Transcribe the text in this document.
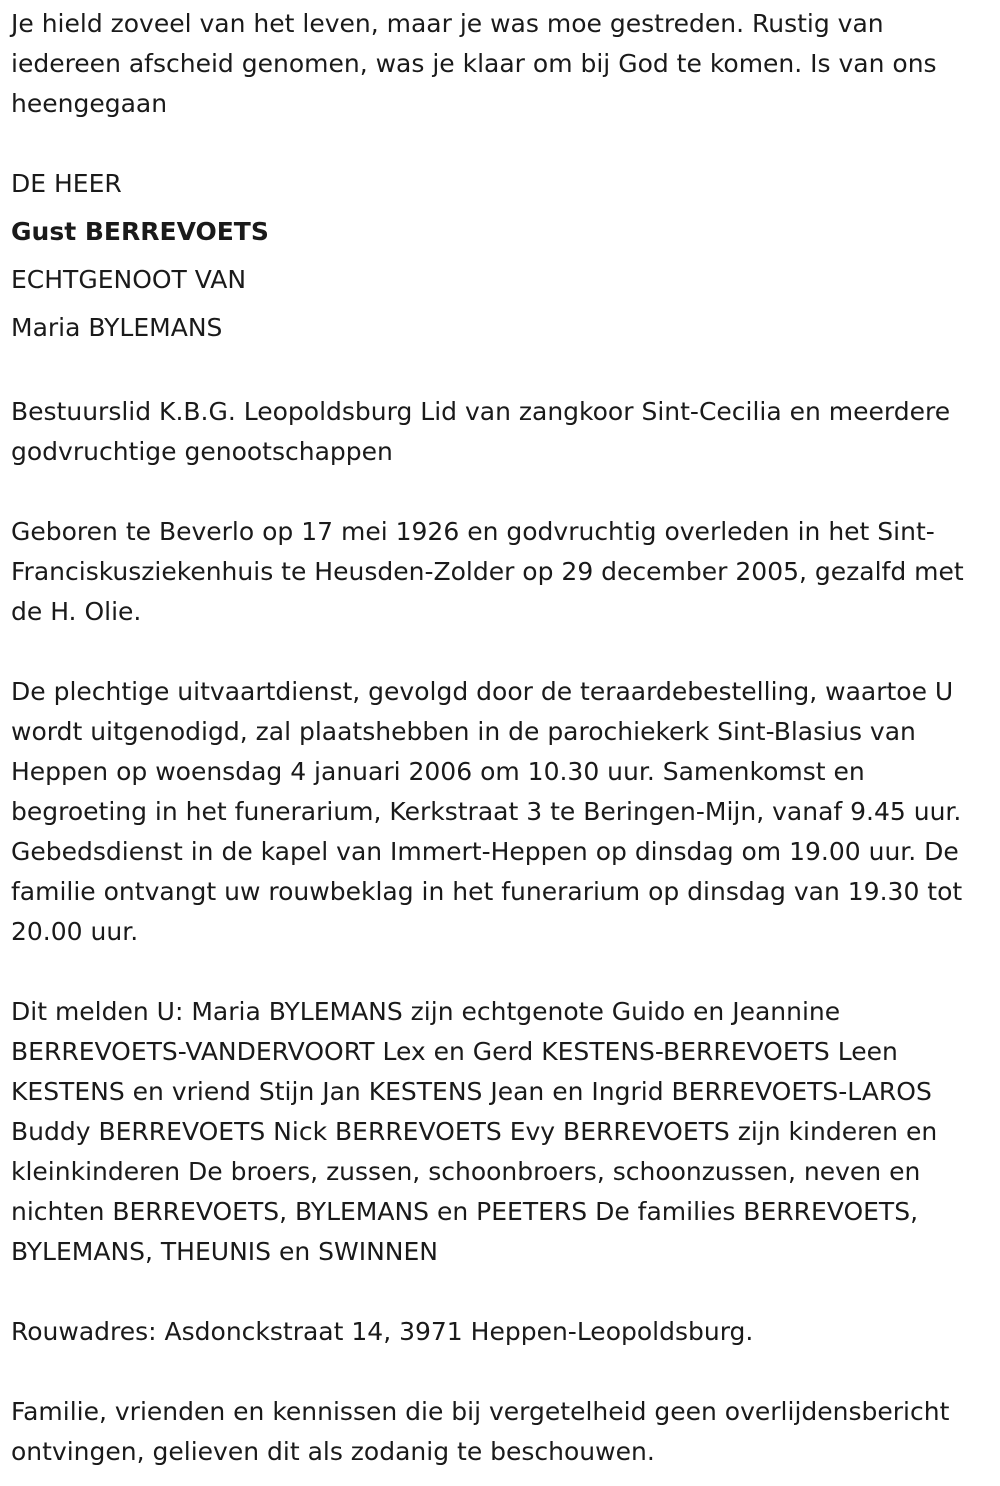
Je hield zoveel van het leven, maar je was moe gestreden. Rustig van iedereen afscheid genomen, was je klaar om bij God te komen. Is van ons heengegaan

DE HEER

Gust BERREVOETS

ECHTGENOOT VAN

Maria BYLEMANS

Bestuurslid K.B.G. Leopoldsburg Lid van zangkoor Sint-Cecilia en meerdere godvruchtige genootschappen

Geboren te Beverlo op 17 mei 1926 en godvruchtig overleden in het Sint-Franciskusziekenhuis te Heusden-Zolder op 29 december 2005, gezalfd met de H. Olie.

De plechtige uitvaartdienst, gevolgd door de teraardebestelling, waartoe U wordt uitgenodigd, zal plaatshebben in de parochiekerk Sint-Blasius van Heppen op woensdag 4 januari 2006 om 10.30 uur. Samenkomst en begroeting in het funerarium, Kerkstraat 3 te Beringen-Mijn, vanaf 9.45 uur. Gebedsdienst in de kapel van Immert-Heppen op dinsdag om 19.00 uur. De familie ontvangt uw rouwbeklag in het funerarium op dinsdag van 19.30 tot 20.00 uur.

Dit melden U: Maria BYLEMANS zijn echtgenote Guido en Jeannine BERREVOETS-VANDERVOORT Lex en Gerd KESTENS-BERREVOETS Leen KESTENS en vriend Stijn Jan KESTENS Jean en Ingrid BERREVOETS-LAROS Buddy BERREVOETS Nick BERREVOETS Evy BERREVOETS zijn kinderen en kleinkinderen De broers, zussen, schoonbroers, schoonzussen, neven en nichten BERREVOETS, BYLEMANS en PEETERS De families BERREVOETS, BYLEMANS, THEUNIS en SWINNEN

Rouwadres: Asdonckstraat 14, 3971 Heppen-Leopoldsburg.

Familie, vrienden en kennissen die bij vergetelheid geen overlijdensbericht ontvingen, gelieven dit als zodanig te beschouwen.
